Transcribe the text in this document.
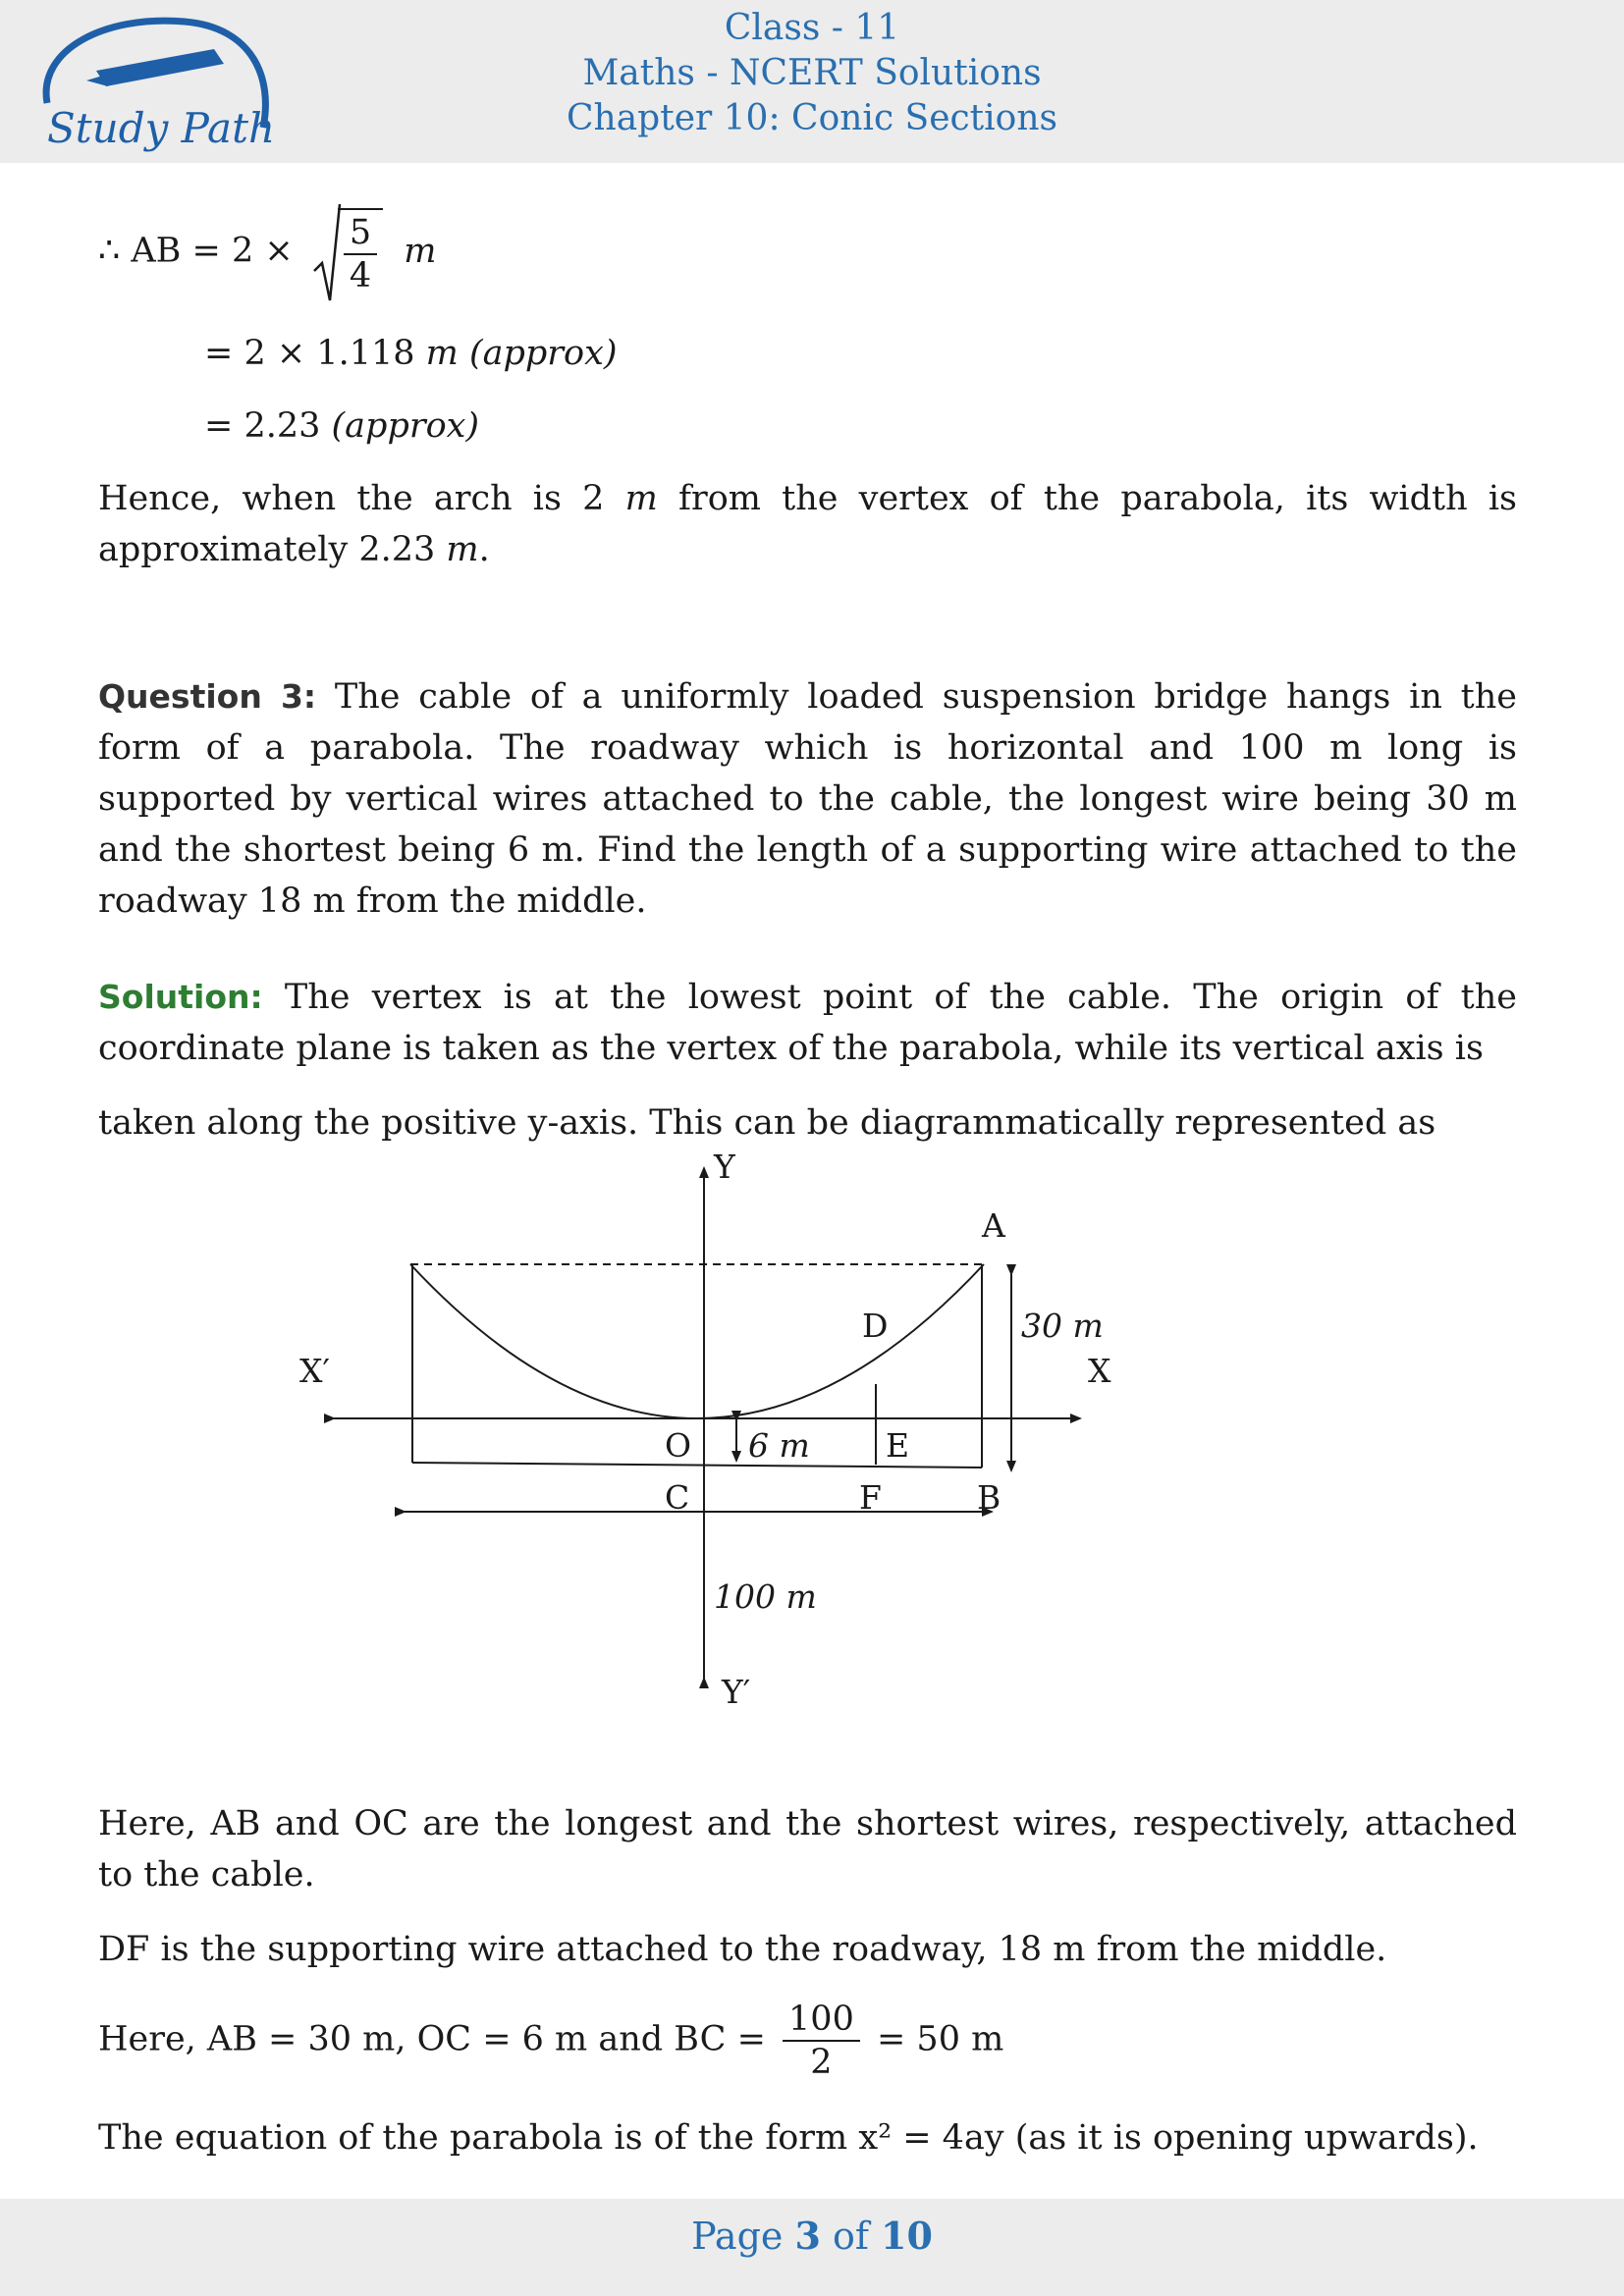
Study Path
Class - 11
Maths - NCERT Solutions
Chapter 10: Conic Sections
∴ AB = $2 \times \frac{5}{4}$ m
= 2 × 1.118 m (approx)
= 2.23 (approx)
Hence, when the arch is 2 m from the vertex of the parabola, its width is approximately 2.23 m.
Question 3: The cable of a uniformly loaded suspension bridge hangs in the form of a parabola. The roadway which is horizontal and 100 m long is supported by vertical wires attached to the cable, the longest wire being 30 m and the shortest being 6 m. Find the length of a supporting wire attached to the roadway 18 m from the middle.
Solution: The vertex is at the lowest point of the cable. The origin of the coordinate plane is taken as the vertex of the parabola, while its vertical axis is
taken along the positive y-axis. This can be diagrammatically represented as
Y
Y′
X
X′
A
B
C
D
E
F
O
30 m
6 m
100 m
Here, AB and OC are the longest and the shortest wires, respectively, attached to the cable.
DF is the supporting wire attached to the roadway, 18 m from the middle.
Here, AB = 30 m, OC = 6 m and BC = $\frac{100}{2} = 50$ m
The equation of the parabola is of the form x² = 4ay (as it is opening upwards).
Page 3 of 10
